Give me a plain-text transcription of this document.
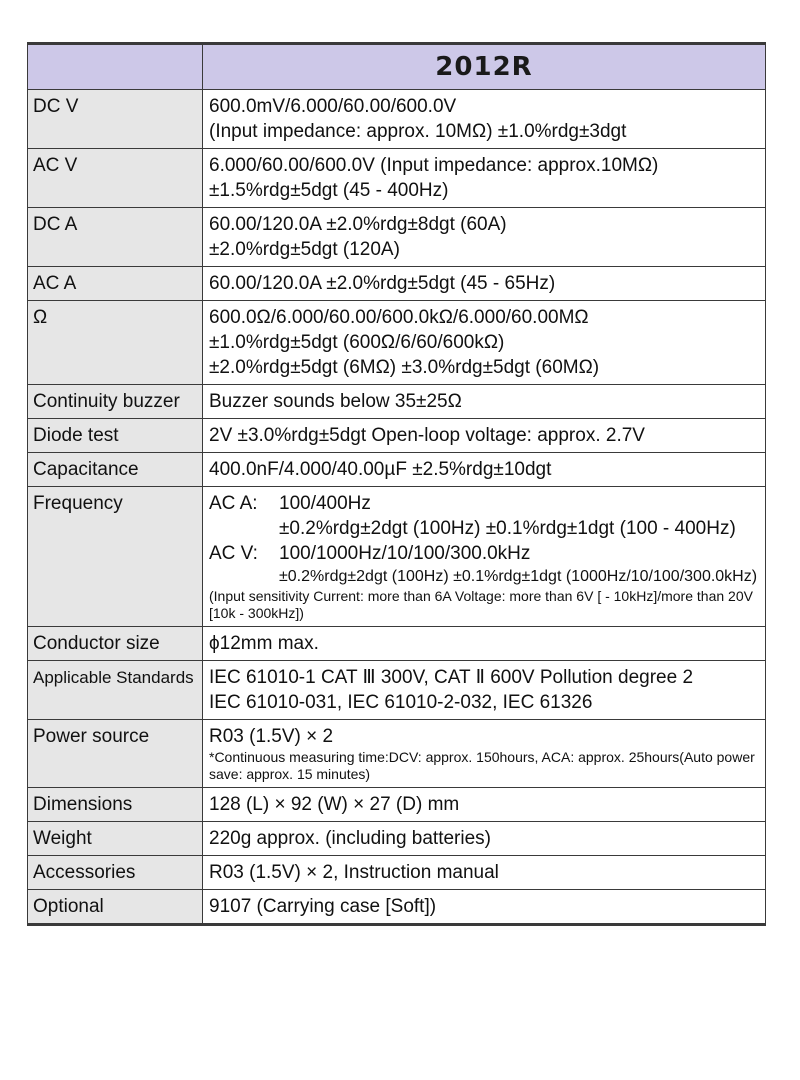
	2012R
DC V	600.0mV/6.000/60.00/600.0V
(Input impedance: approx. 10MΩ) ±1.0%rdg±3dgt

AC V	6.000/60.00/600.0V (Input impedance: approx.10MΩ)
±1.5%rdg±5dgt (45 - 400Hz)

DC A	60.00/120.0A ±2.0%rdg±8dgt (60A)
±2.0%rdg±5dgt (120A)

AC A	60.00/120.0A ±2.0%rdg±5dgt (45 - 65Hz)

Ω	600.0Ω/6.000/60.00/600.0kΩ/6.000/60.00MΩ
±1.0%rdg±5dgt (600Ω/6/60/600kΩ)
±2.0%rdg±5dgt (6MΩ) ±3.0%rdg±5dgt (60MΩ)

Continuity buzzer	Buzzer sounds below 35±25Ω

Diode test	2V ±3.0%rdg±5dgt Open-loop voltage: approx. 2.7V

Capacitance	400.0nF/4.000/40.00µF ±2.5%rdg±10dgt

Frequency	AC A: 100/400Hz
±0.2%rdg±2dgt (100Hz) ±0.1%rdg±1dgt (100 - 400Hz)
AC V: 100/1000Hz/10/100/300.0kHz
±0.2%rdg±2dgt (100Hz) ±0.1%rdg±1dgt (1000Hz/10/100/300.0kHz)
(Input sensitivity Current: more than 6A Voltage: more than 6V [ - 10kHz]/more than 20V [10k - 300kHz])

Conductor size	ϕ12mm max.

Applicable Standards	IEC 61010-1 CAT Ⅲ 300V, CAT Ⅱ 600V Pollution degree 2
IEC 61010-031, IEC 61010-2-032, IEC 61326

Power source	R03 (1.5V) × 2
*Continuous measuring time:DCV: approx. 150hours, ACA: approx. 25hours(Auto power save: approx. 15 minutes)

Dimensions	128 (L) × 92 (W) × 27 (D) mm

Weight	220g approx. (including batteries)

Accessories	R03 (1.5V) × 2, Instruction manual

Optional	9107 (Carrying case [Soft])
